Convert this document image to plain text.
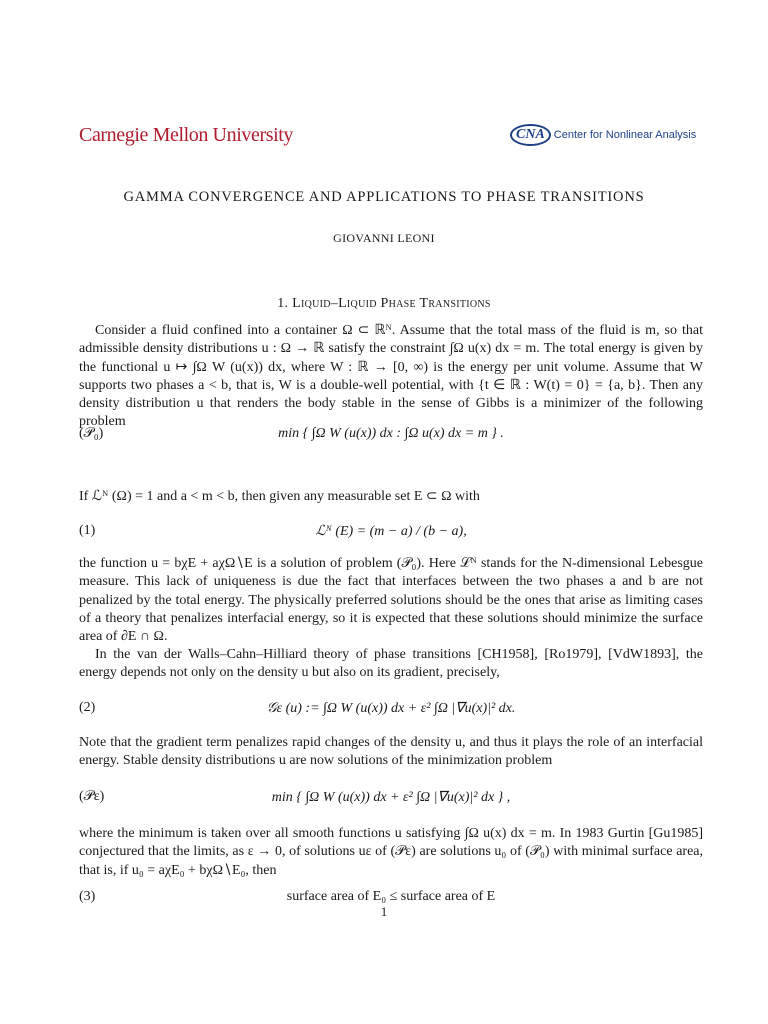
Carnegie Mellon University	CNA Center for Nonlinear Analysis
GAMMA CONVERGENCE AND APPLICATIONS TO PHASE TRANSITIONS
GIOVANNI LEONI
1. Liquid–Liquid Phase Transitions
Consider a fluid confined into a container Ω ⊂ ℝᴺ. Assume that the total mass of the fluid is m, so that admissible density distributions u : Ω → ℝ satisfy the constraint ∫Ω u(x) dx = m. The total energy is given by the functional u ↦ ∫Ω W (u(x)) dx, where W : ℝ → [0, ∞) is the energy per unit volume. Assume that W supports two phases a < b, that is, W is a double-well potential, with {t ∈ ℝ : W(t) = 0} = {a, b}. Then any density distribution u that renders the body stable in the sense of Gibbs is a minimizer of the following problem
(𝒫₀)	min { ∫Ω W (u(x)) dx : ∫Ω u(x) dx = m } .
If ℒᴺ (Ω) = 1 and a < m < b, then given any measurable set E ⊂ Ω with
(1)	ℒᴺ (E) = (m − a) / (b − a),
the function u = bχE + aχΩ∖E is a solution of problem (𝒫₀). Here ℒᴺ stands for the N-dimensional Lebesgue measure. This lack of uniqueness is due the fact that interfaces between the two phases a and b are not penalized by the total energy. The physically preferred solutions should be the ones that arise as limiting cases of a theory that penalizes interfacial energy, so it is expected that these solutions should minimize the surface area of ∂E ∩ Ω.
In the van der Walls–Cahn–Hilliard theory of phase transitions [CH1958], [Ro1979], [VdW1893], the energy depends not only on the density u but also on its gradient, precisely,
(2)	𝒢ε (u) := ∫Ω W (u(x)) dx + ε² ∫Ω |∇u(x)|² dx.
Note that the gradient term penalizes rapid changes of the density u, and thus it plays the role of an interfacial energy. Stable density distributions u are now solutions of the minimization problem
(𝒫ε)	min { ∫Ω W (u(x)) dx + ε² ∫Ω |∇u(x)|² dx } ,
where the minimum is taken over all smooth functions u satisfying ∫Ω u(x) dx = m. In 1983 Gurtin [Gu1985] conjectured that the limits, as ε → 0, of solutions uε of (𝒫ε) are solutions u₀ of (𝒫₀) with minimal surface area, that is, if u₀ = aχE₀ + bχΩ∖E₀, then
(3)	surface area of E₀ ≤ surface area of E
1
